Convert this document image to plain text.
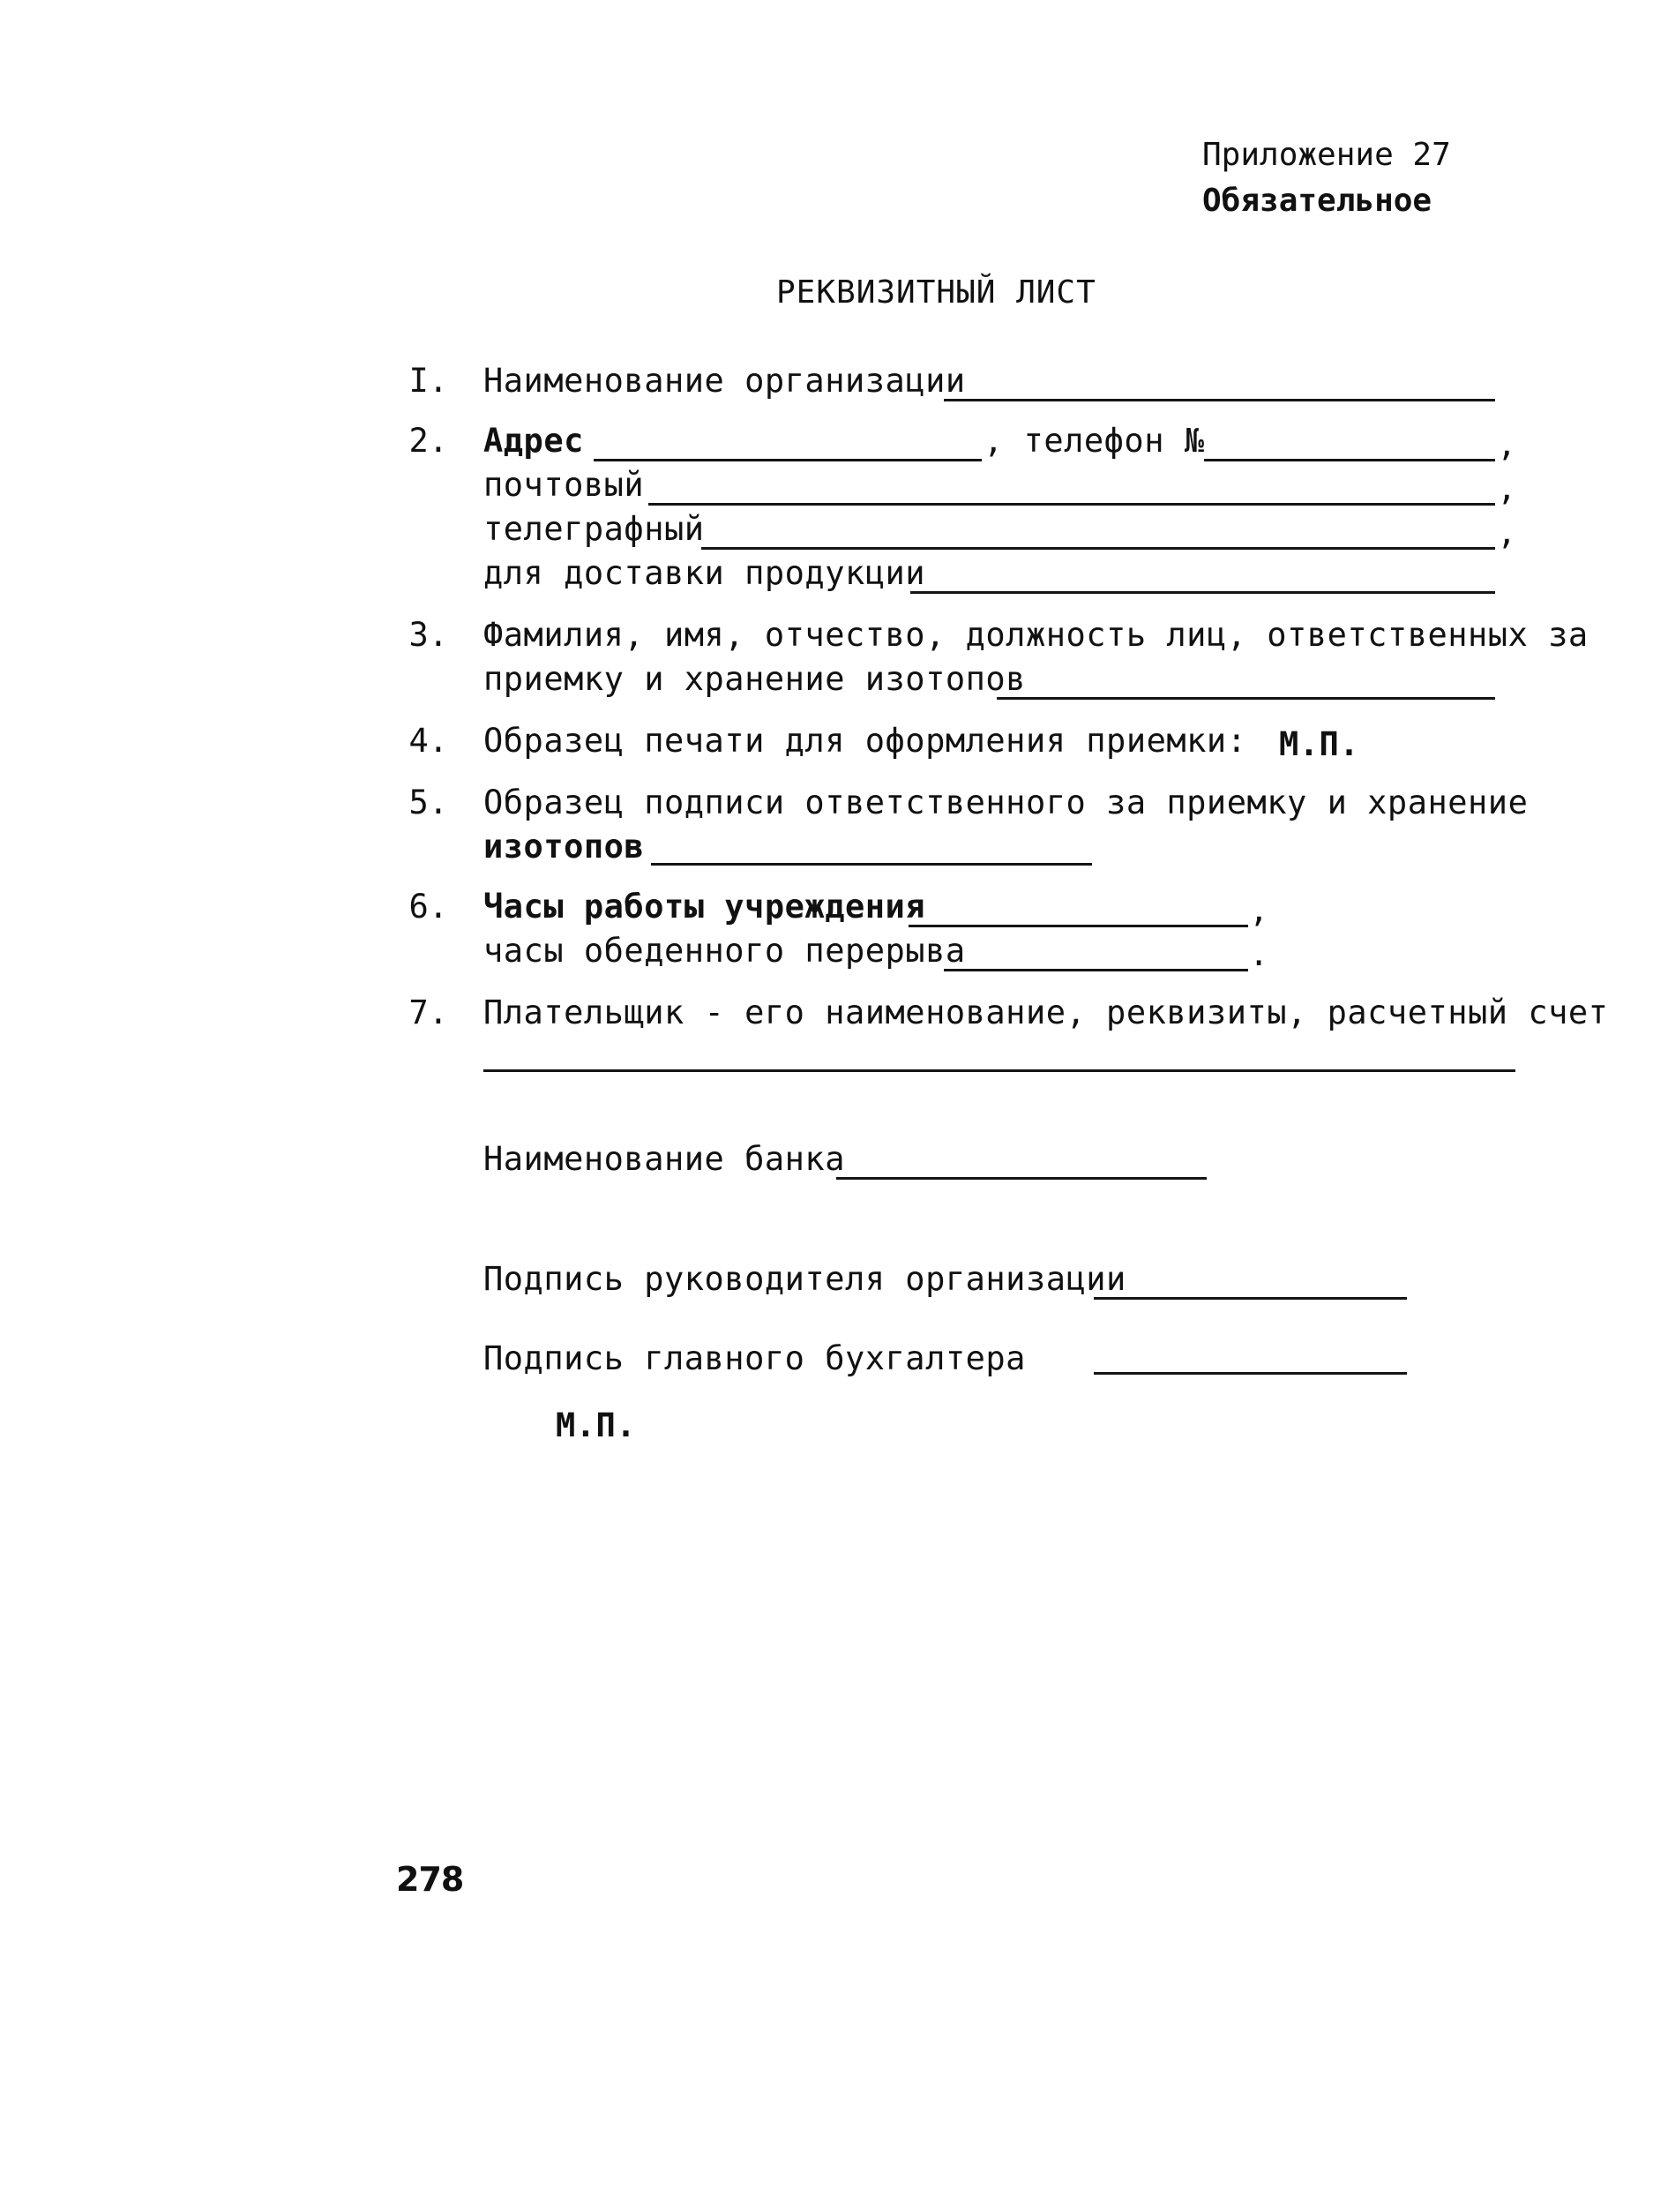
Приложение 27
Обязательное
РЕКВИЗИТНЫЙ ЛИСТ
I. Наименование организации
2. Адрес	, телефон №	,
почтовый	,
телеграфный	,
для доставки продукции
3. Фамилия, имя, отчество, должность лиц, ответственных за
приемку и хранение изотопов
4. Образец печати для оформления приемки: М.П.
5. Образец подписи ответственного за приемку и хранение
изотопов
6. Часы работы учреждения	,
часы обеденного перерыва	.
7. Плательщик - его наименование, реквизиты, расчетный счет
Наименование банка
Подпись руководителя организации
Подпись главного бухгалтера
М.П.
278
